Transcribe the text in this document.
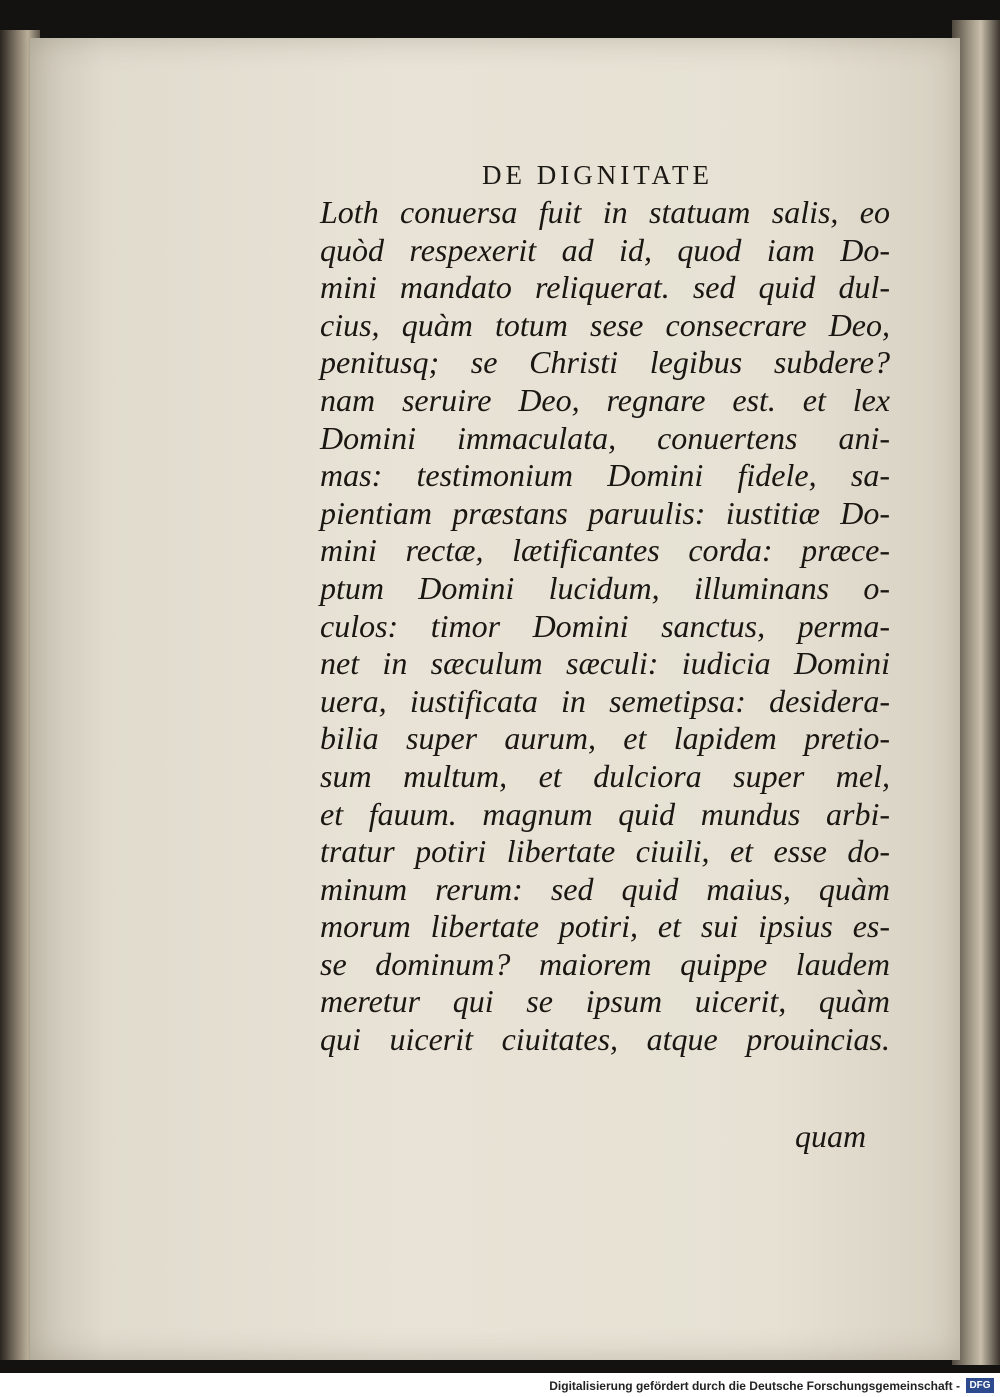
DE DIGNITATE
Loth conuersa fuit in statuam salis, eo
quòd respexerit ad id, quod iam Do-
mini mandato reliquerat. sed quid dul-
cius, quàm totum sese consecrare Deo,
penitusq; se Christi legibus subdere?
nam seruire Deo, regnare est. et lex
Domini immaculata, conuertens ani-
mas: testimonium Domini fidele, sa-
pientiam præstans paruulis: iustitiæ Do-
mini rectæ, lætificantes corda: præce-
ptum Domini lucidum, illuminans o-
culos: timor Domini sanctus, perma-
net in sæculum sæculi: iudicia Domini
uera, iustificata in semetipsa: desidera-
bilia super aurum, et lapidem pretio-
sum multum, et dulciora super mel,
et fauum. magnum quid mundus arbi-
tratur potiri libertate ciuili, et esse do-
minum rerum: sed quid maius, quàm
morum libertate potiri, et sui ipsius es-
se dominum? maiorem quippe laudem
meretur qui se ipsum uicerit, quàm
qui uicerit ciuitates, atque prouincias.
quam
Digitalisierung gefördert durch die Deutsche Forschungsgemeinschaft - DFG
